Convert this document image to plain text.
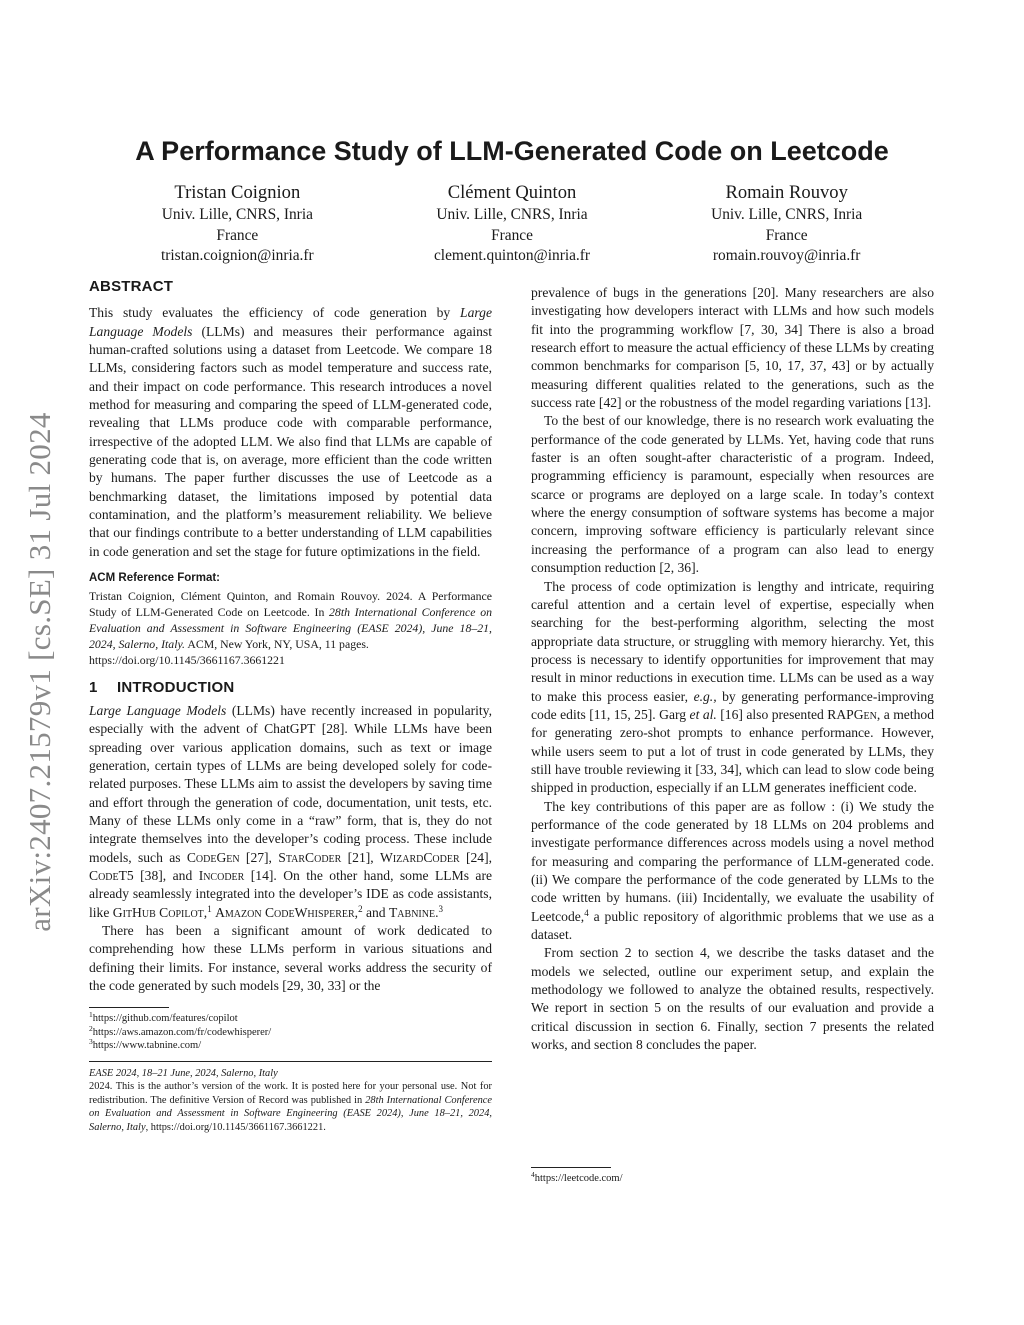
arXiv:2407.21579v1 [cs.SE] 31 Jul 2024
A Performance Study of LLM-Generated Code on Leetcode
Tristan Coignion
Univ. Lille, CNRS, Inria
France
tristan.coignion@inria.fr
Clément Quinton
Univ. Lille, CNRS, Inria
France
clement.quinton@inria.fr
Romain Rouvoy
Univ. Lille, CNRS, Inria
France
romain.rouvoy@inria.fr
ABSTRACT

This study evaluates the efficiency of code generation by Large Language Models (LLMs) and measures their performance against human-crafted solutions using a dataset from Leetcode. We compare 18 LLMs, considering factors such as model temperature and success rate, and their impact on code performance. This research introduces a novel method for measuring and comparing the speed of LLM-generated code, revealing that LLMs produce code with comparable performance, irrespective of the adopted LLM. We also find that LLMs are capable of generating code that is, on average, more efficient than the code written by humans. The paper further discusses the use of Leetcode as a benchmarking dataset, the limitations imposed by potential data contamination, and the platform’s measurement reliability. We believe that our findings contribute to a better understanding of LLM capabilities in code generation and set the stage for future optimizations in the field.

ACM Reference Format:
Tristan Coignion, Clément Quinton, and Romain Rouvoy. 2024. A Performance Study of LLM-Generated Code on Leetcode. In 28th International Conference on Evaluation and Assessment in Software Engineering (EASE 2024), June 18–21, 2024, Salerno, Italy. ACM, New York, NY, USA, 11 pages.
https://doi.org/10.1145/3661167.3661221
1 INTRODUCTION

Large Language Models (LLMs) have recently increased in popularity, especially with the advent of ChatGPT [28]. While LLMs have been spreading over various application domains, such as text or image generation, certain types of LLMs are being developed solely for code-related purposes. These LLMs aim to assist the developers by saving time and effort through the generation of code, documentation, unit tests, etc. Many of these LLMs only come in a “raw” form, that is, they do not integrate themselves into the developer’s coding process. These include models, such as CodeGen [27], StarCoder [21], WizardCoder [24], CodeT5 [38], and Incoder [14]. On the other hand, some LLMs are already seamlessly integrated into the developer’s IDE as code assistants, like GitHub Copilot,$^1$ Amazon CodeWhisperer,$^2$ and Tabnine.$^3$

There has been a significant amount of work dedicated to comprehending how these LLMs perform in various situations and defining their limits. For instance, several works address the security of the code generated by such models [29, 30, 33] or the

$^1$https://github.com/features/copilot
$^2$https://aws.amazon.com/fr/codewhisperer/
$^3$https://www.tabnine.com/

EASE 2024, 18–21 June, 2024, Salerno, Italy

2024. This is the author’s version of the work. It is posted here for your personal use. Not for redistribution. The definitive Version of Record was published in 28th International Conference on Evaluation and Assessment in Software Engineering (EASE 2024), June 18–21, 2024, Salerno, Italy, https://doi.org/10.1145/3661167.3661221.

prevalence of bugs in the generations [20]. Many researchers are also investigating how developers interact with LLMs and how such models fit into the programming workflow [7, 30, 34] There is also a broad research effort to measure the actual efficiency of these LLMs by creating common benchmarks for comparison [5, 10, 17, 37, 43] or by actually measuring different qualities related to the generations, such as the success rate [42] or the robustness of the model regarding variations [13].

To the best of our knowledge, there is no research work evaluating the performance of the code generated by LLMs. Yet, having code that runs faster is an often sought-after characteristic of a program. Indeed, programming efficiency is paramount, especially when resources are scarce or programs are deployed on a large scale. In today’s context where the energy consumption of software systems has become a major concern, improving software efficiency is particularly relevant since increasing the performance of a program can also lead to energy consumption reduction [2, 36].

The process of code optimization is lengthy and intricate, requiring careful attention and a certain level of expertise, especially when searching for the best-performing algorithm, selecting the most appropriate data structure, or struggling with memory hierarchy. Yet, this process is necessary to identify opportunities for improvement that may result in minor reductions in execution time. LLMs can be used as a way to make this process easier, e.g., by generating performance-improving code edits [11, 15, 25]. Garg et al. [16] also presented RAPGen, a method for generating zero-shot prompts to enhance performance. However, while users seem to put a lot of trust in code generated by LLMs, they still have trouble reviewing it [33, 34], which can lead to slow code being shipped in production, especially if an LLM generates inefficient code.

The key contributions of this paper are as follow : (i) We study the performance of the code generated by 18 LLMs on 204 problems and investigate performance differences across models using a novel method for measuring and comparing the performance of LLM-generated code. (ii) We compare the performance of the code generated by LLMs to the code written by humans. (iii) Incidentally, we evaluate the usability of Leetcode,$^4$ a public repository of algorithmic problems that we use as a dataset.

From section 2 to section 4, we describe the tasks dataset and the models we selected, outline our experiment setup, and explain the methodology we followed to analyze the obtained results, respectively. We report in section 5 on the results of our evaluation and provide a critical discussion in section 6. Finally, section 7 presents the related works, and section 8 concludes the paper.

$^4$https://leetcode.com/
